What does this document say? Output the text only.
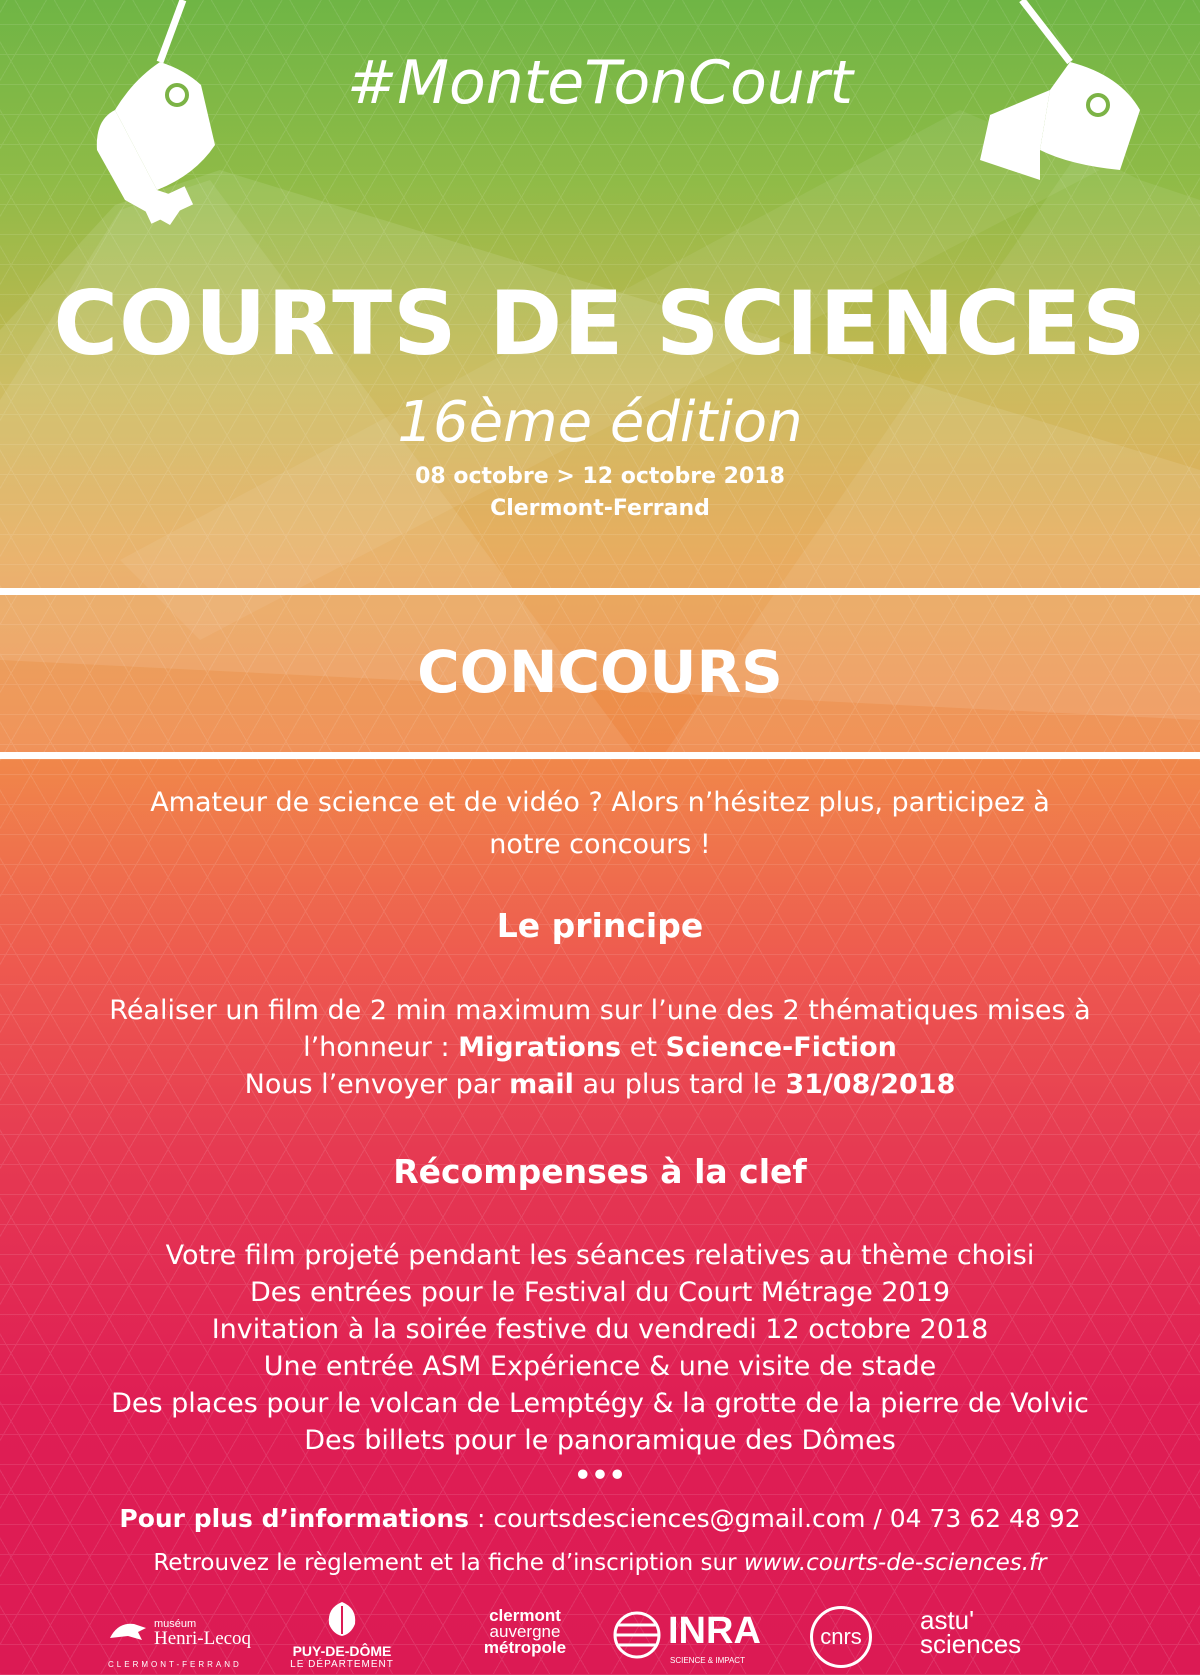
#MonteTonCourt
COURTS DE SCIENCES
16ème édition
08 octobre > 12 octobre 2018
Clermont-Ferrand
CONCOURS
Amateur de science et de vidéo ? Alors n’hésitez plus, participez à
notre concours !
Le principe
Réaliser un film de 2 min maximum sur l’une des 2 thématiques mises à
l’honneur : Migrations et Science-Fiction
Nous l’envoyer par mail au plus tard le 31/08/2018
Récompenses à la clef
Votre film projeté pendant les séances relatives au thème choisi
Des entrées pour le Festival du Court Métrage 2019
Invitation à la soirée festive du vendredi 12 octobre 2018
Une entrée ASM Expérience & une visite de stade
Des places pour le volcan de Lemptégy & la grotte de la pierre de Volvic
Des billets pour le panoramique des Dômes
•••
Pour plus d’informations : courtsdesciences@gmail.com / 04 73 62 48 92
Retrouvez le règlement et la fiche d’inscription sur www.courts-de-sciences.fr
muséum
Henri-Lecoq
CLERMONT-FERRAND
PUY-DE-DÔME
LE DÉPARTEMENT
clermont
auvergne
métropole	INRA
SCIENCE & IMPACT
cnrs
astu'
sciences
